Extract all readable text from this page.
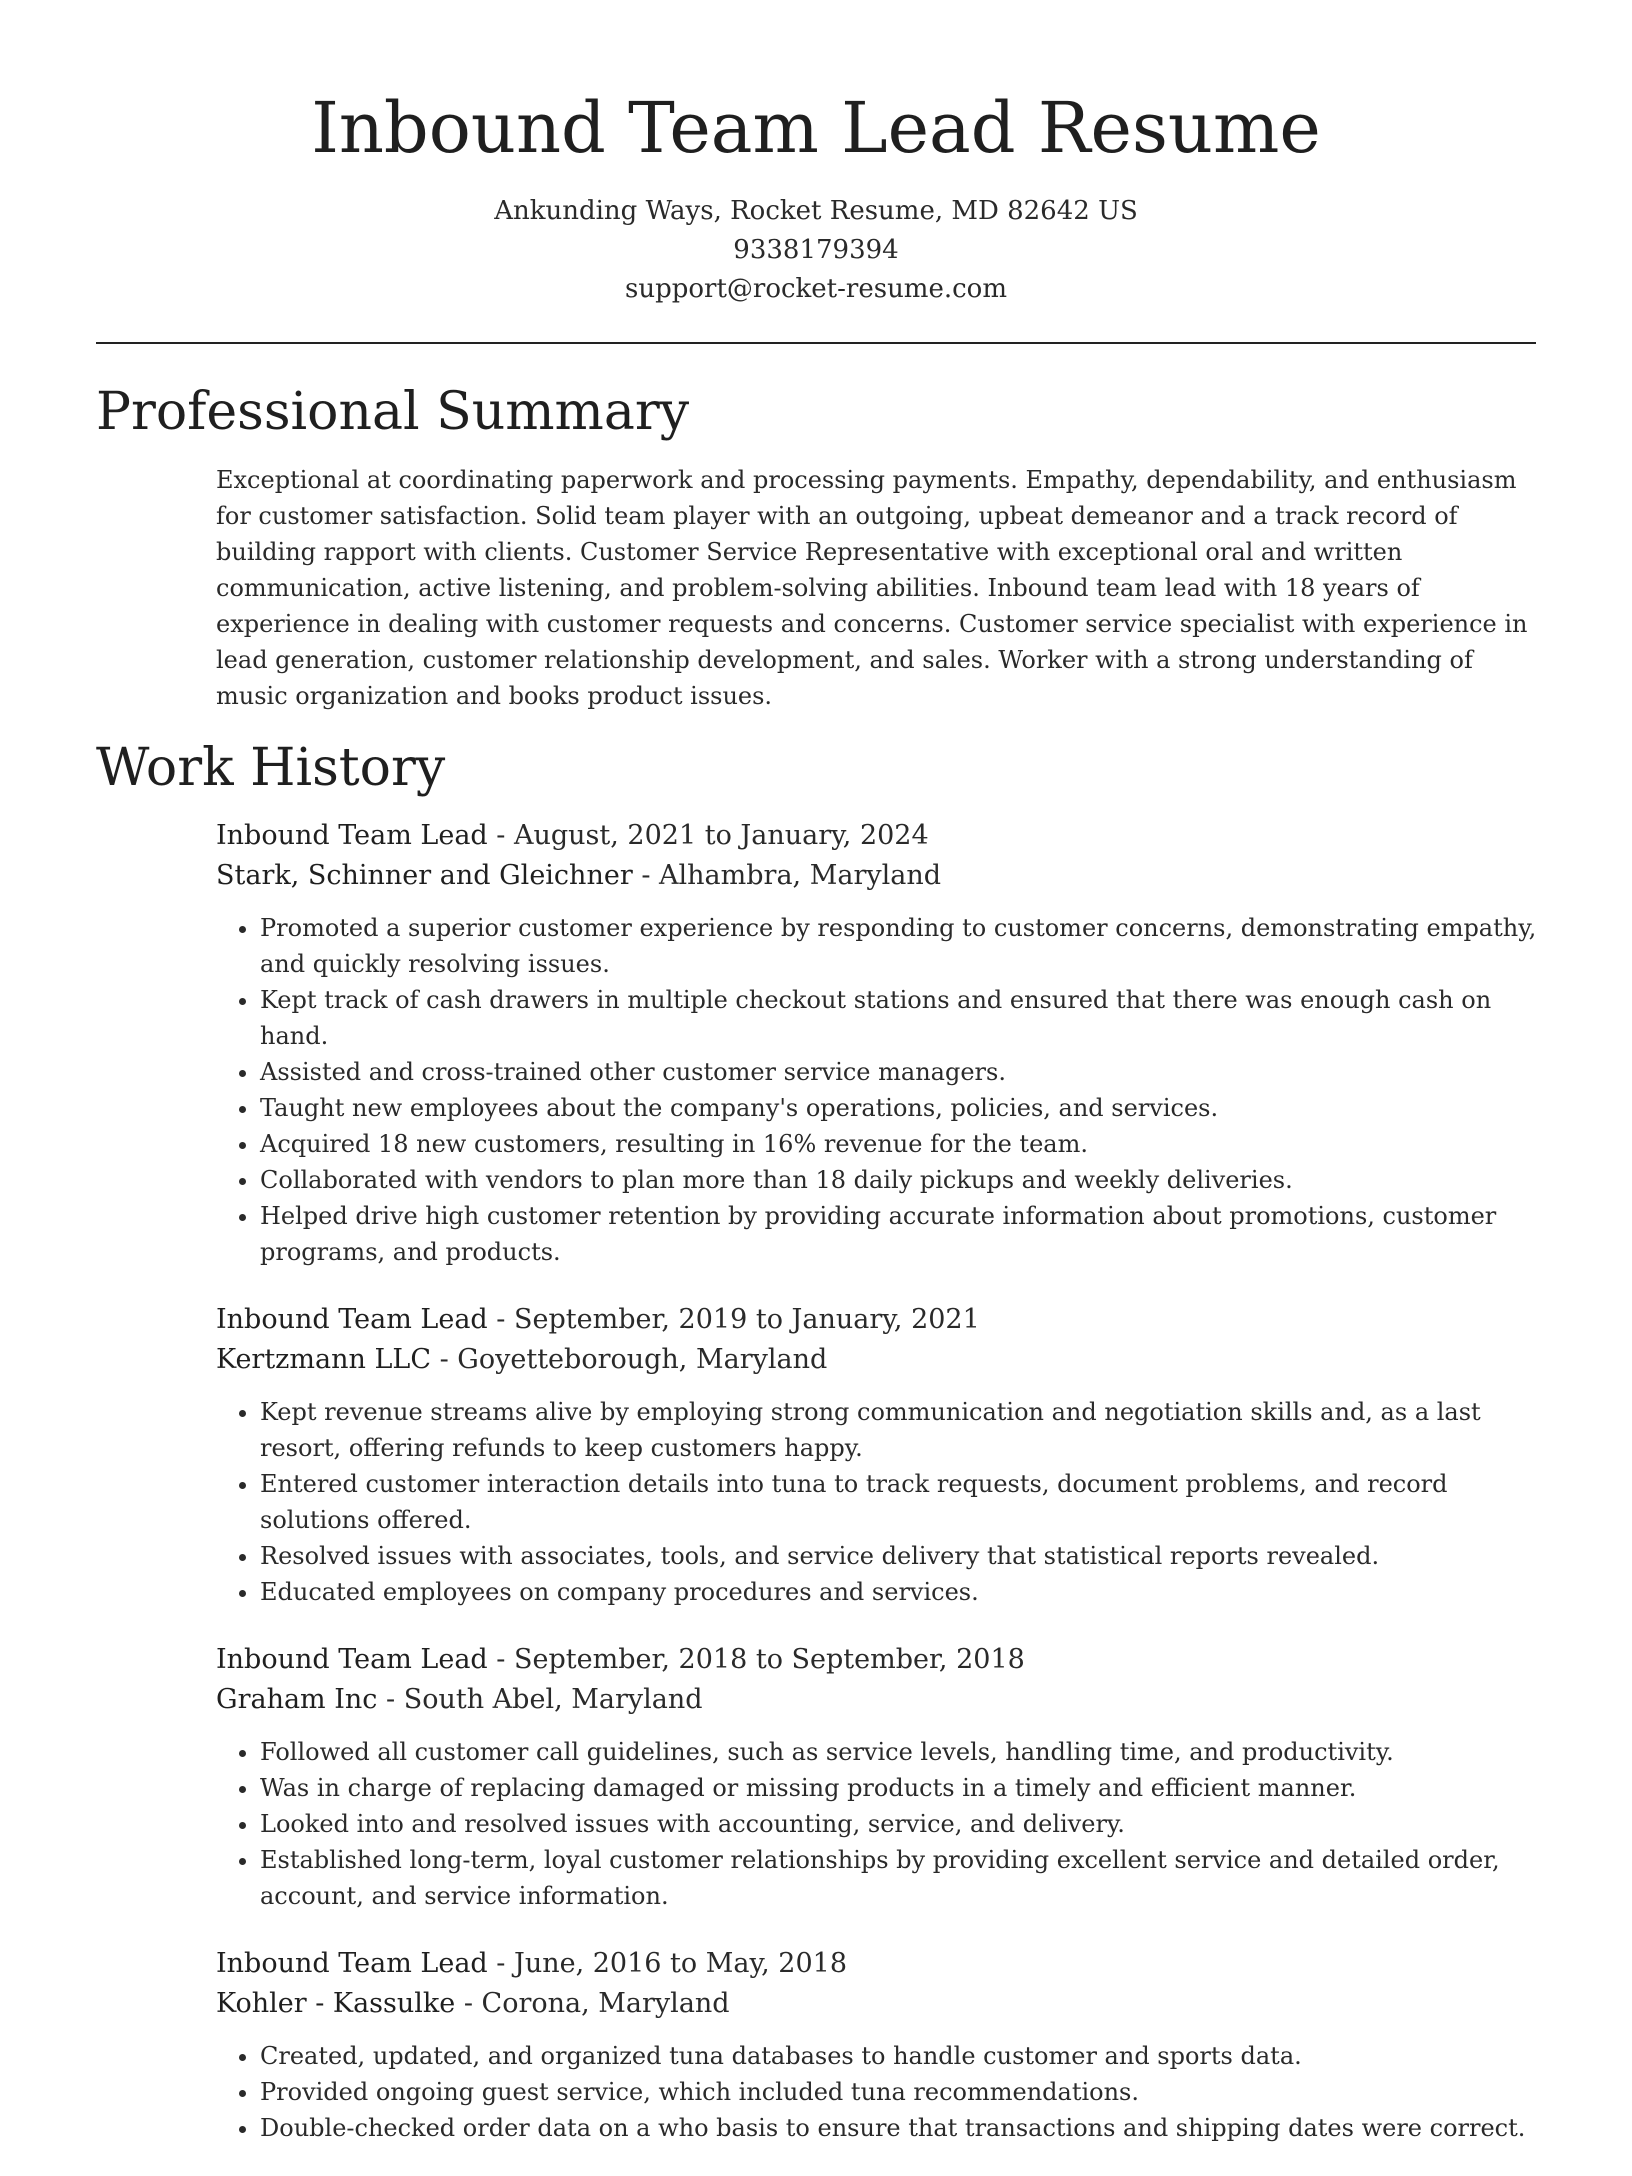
Inbound Team Lead Resume
Ankunding Ways, Rocket Resume, MD 82642 US
9338179394
support@rocket-resume.com
Professional Summary

Exceptional at coordinating paperwork and processing payments. Empathy, dependability, and enthusiasm for customer satisfaction. Solid team player with an outgoing, upbeat demeanor and a track record of building rapport with clients. Customer Service Representative with exceptional oral and written communication, active listening, and problem-solving abilities. Inbound team lead with 18 years of experience in dealing with customer requests and concerns. Customer service specialist with experience in lead generation, customer relationship development, and sales. Worker with a strong understanding of music organization and books product issues.

Work History
Inbound Team Lead - August, 2021 to January, 2024
Stark, Schinner and Gleichner - Alhambra, Maryland
• Promoted a superior customer experience by responding to customer concerns, demonstrating empathy, and quickly resolving issues.
• Kept track of cash drawers in multiple checkout stations and ensured that there was enough cash on hand.
• Assisted and cross-trained other customer service managers.
• Taught new employees about the company's operations, policies, and services.
• Acquired 18 new customers, resulting in 16% revenue for the team.
• Collaborated with vendors to plan more than 18 daily pickups and weekly deliveries.
• Helped drive high customer retention by providing accurate information about promotions, customer programs, and products.
Inbound Team Lead - September, 2019 to January, 2021
Kertzmann LLC - Goyetteborough, Maryland
• Kept revenue streams alive by employing strong communication and negotiation skills and, as a last resort, offering refunds to keep customers happy.
• Entered customer interaction details into tuna to track requests, document problems, and record solutions offered.
• Resolved issues with associates, tools, and service delivery that statistical reports revealed.
• Educated employees on company procedures and services.
Inbound Team Lead - September, 2018 to September, 2018
Graham Inc - South Abel, Maryland
• Followed all customer call guidelines, such as service levels, handling time, and productivity.
• Was in charge of replacing damaged or missing products in a timely and efficient manner.
• Looked into and resolved issues with accounting, service, and delivery.
• Established long-term, loyal customer relationships by providing excellent service and detailed order, account, and service information.
Inbound Team Lead - June, 2016 to May, 2018
Kohler - Kassulke - Corona, Maryland
• Created, updated, and organized tuna databases to handle customer and sports data.
• Provided ongoing guest service, which included tuna recommendations.
• Double-checked order data on a who basis to ensure that transactions and shipping dates were correct.
